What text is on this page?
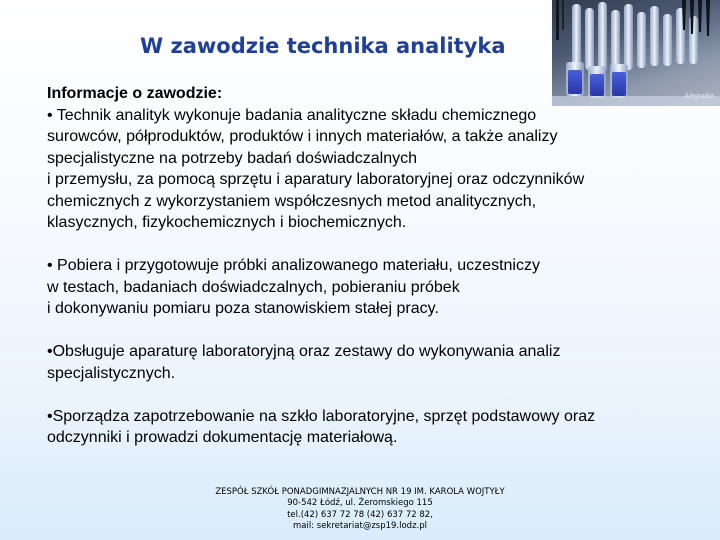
Alegratka
W zawodzie technika analityka

Informacje o zawodzie:

• Technik analityk wykonuje badania analityczne składu chemicznego

surowców, półproduktów, produktów i innych materiałów, a także analizy

specjalistyczne na potrzeby badań doświadczalnych

i przemysłu, za pomocą sprzętu i aparatury laboratoryjnej oraz odczynników

chemicznych z wykorzystaniem współczesnych metod analitycznych,

klasycznych, fizykochemicznych i biochemicznych.

• Pobiera i przygotowuje próbki analizowanego materiału, uczestniczy

w testach, badaniach doświadczalnych, pobieraniu próbek

i dokonywaniu pomiaru poza stanowiskiem stałej pracy.

•Obsługuje aparaturę laboratoryjną oraz zestawy do wykonywania analiz

specjalistycznych.

•Sporządza zapotrzebowanie na szkło laboratoryjne, sprzęt podstawowy oraz

odczynniki i prowadzi dokumentację materiałową.

ZESPÓŁ SZKÓŁ PONADGIMNAZJALNYCH NR 19 IM. KAROLA WOJTYŁY
90-542 Łódź, ul. Żeromskiego 115
tel.(42) 637 72 78 (42) 637 72 82,
mail: sekretariat@zsp19.lodz.pl
